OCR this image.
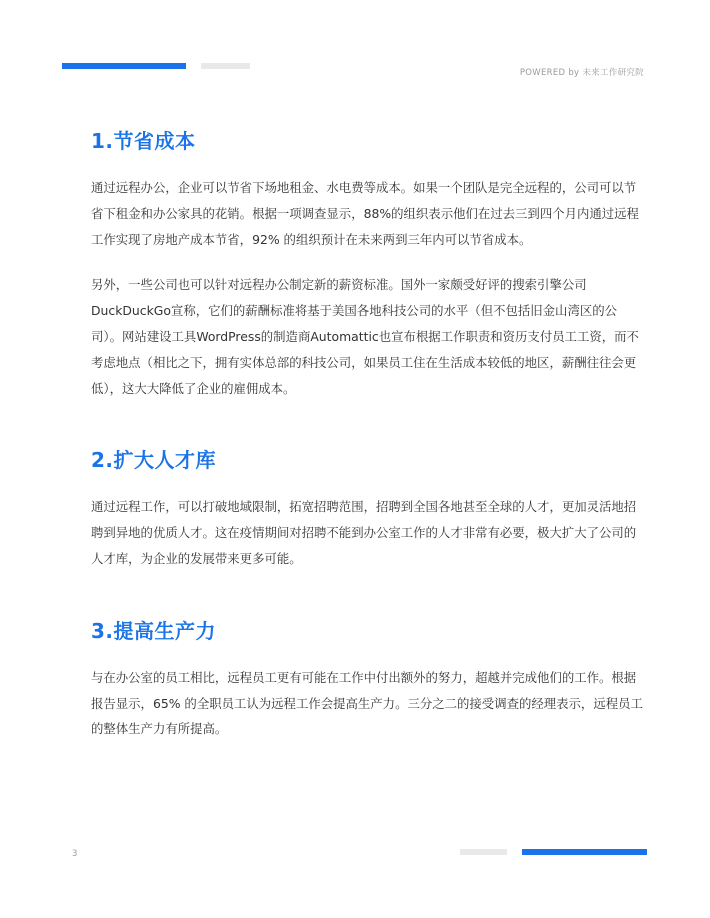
POWERED by 未来工作研究院
1.节省成本

通过远程办公，企业可以节省下场地租金、水电费等成本。如果一个团队是完全远程的，公司可以节省下租金和办公家具的花销。根据一项调查显示，88%的组织表示他们在过去三到四个月内通过远程工作实现了房地产成本节省，92% 的组织预计在未来两到三年内可以节省成本。

另外，一些公司也可以针对远程办公制定新的薪资标准。国外一家颇受好评的搜索引擎公司DuckDuckGo宣称，它们的薪酬标准将基于美国各地科技公司的水平（但不包括旧金山湾区的公司）。网站建设工具WordPress的制造商Automattic也宣布根据工作职责和资历支付员工工资，而不考虑地点（相比之下，拥有实体总部的科技公司，如果员工住在生活成本较低的地区，薪酬往往会更低），这大大降低了企业的雇佣成本。

2.扩大人才库

通过远程工作，可以打破地域限制，拓宽招聘范围，招聘到全国各地甚至全球的人才，更加灵活地招聘到异地的优质人才。这在疫情期间对招聘不能到办公室工作的人才非常有必要，极大扩大了公司的人才库，为企业的发展带来更多可能。

3.提高生产力

与在办公室的员工相比，远程员工更有可能在工作中付出额外的努力，超越并完成他们的工作。根据报告显示，65% 的全职员工认为远程工作会提高生产力。三分之二的接受调查的经理表示，远程员工的整体生产力有所提高。

3
